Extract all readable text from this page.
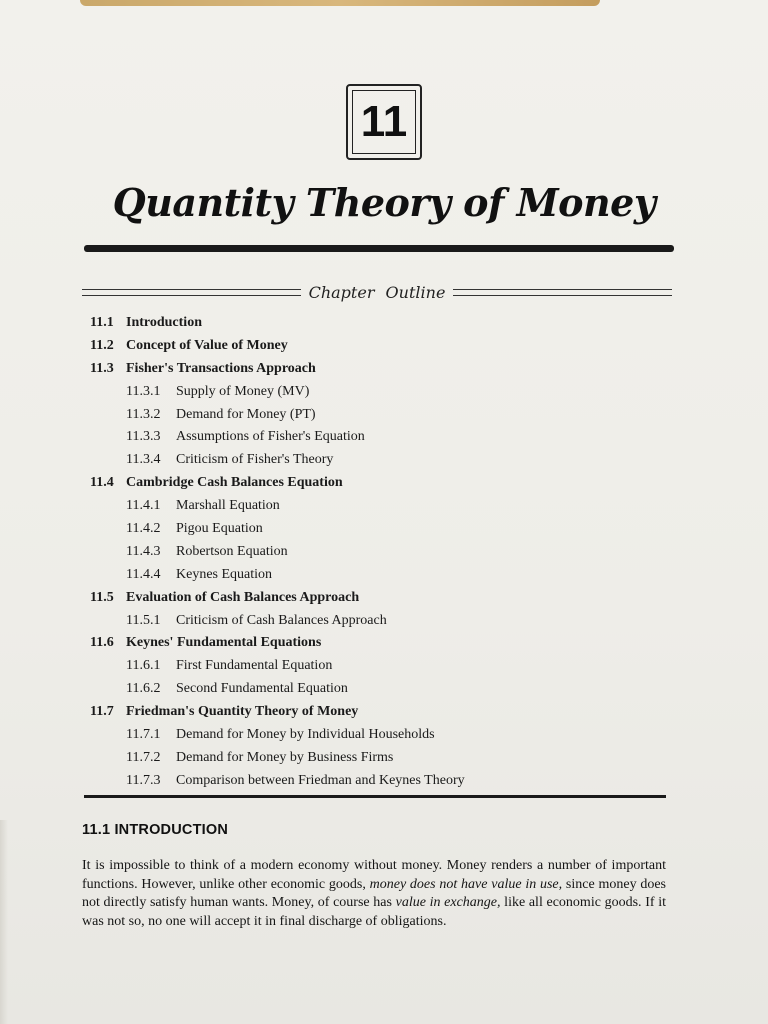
11
Quantity Theory of Money
Chapter Outline
11.1 Introduction
11.2 Concept of Value of Money
11.3 Fisher's Transactions Approach
11.3.1 Supply of Money (MV)
11.3.2 Demand for Money (PT)
11.3.3 Assumptions of Fisher's Equation
11.3.4 Criticism of Fisher's Theory
11.4 Cambridge Cash Balances Equation
11.4.1 Marshall Equation
11.4.2 Pigou Equation
11.4.3 Robertson Equation
11.4.4 Keynes Equation
11.5 Evaluation of Cash Balances Approach
11.5.1 Criticism of Cash Balances Approach
11.6 Keynes' Fundamental Equations
11.6.1 First Fundamental Equation
11.6.2 Second Fundamental Equation
11.7 Friedman's Quantity Theory of Money
11.7.1 Demand for Money by Individual Households
11.7.2 Demand for Money by Business Firms
11.7.3 Comparison between Friedman and Keynes Theory
11.1 INTRODUCTION

It is impossible to think of a modern economy without money. Money renders a number of important functions. However, unlike other economic goods, money does not have value in use, since money does not directly satisfy human wants. Money, of course has value in exchange, like all economic goods. If it was not so, no one will accept it in final discharge of obligations.
